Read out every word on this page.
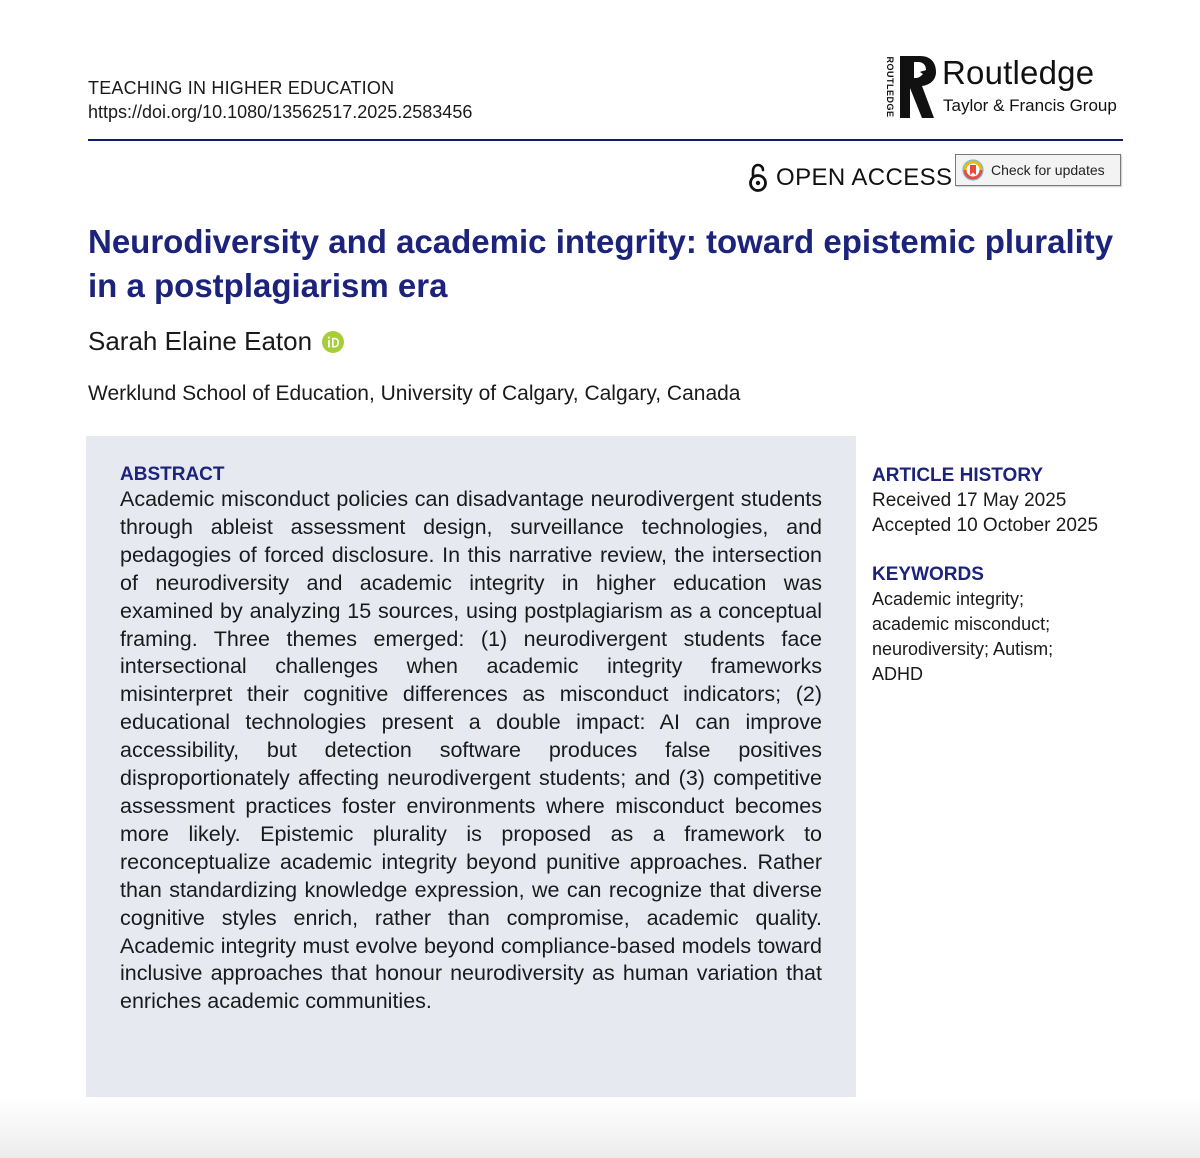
TEACHING IN HIGHER EDUCATION
https://doi.org/10.1080/13562517.2025.2583456	ROUTLEDGE Routledge
Taylor & Francis Group
OPEN ACCESS	Check for updates
Neurodiversity and academic integrity: toward epistemic plurality in a postplagiarism era
Sarah Elaine Eaton
Werklund School of Education, University of Calgary, Calgary, Canada
ABSTRACT

Academic misconduct policies can disadvantage neurodivergent students through ableist assessment design, surveillance technologies, and pedagogies of forced disclosure. In this narrative review, the intersection of neurodiversity and academic integrity in higher education was examined by analyzing 15 sources, using postplagiarism as a conceptual framing. Three themes emerged: (1) neurodivergent students face intersectional challenges when academic integrity frameworks misinterpret their cognitive differences as misconduct indicators; (2) educational technologies present a double impact: AI can improve accessibility, but detection software produces false positives disproportionately affecting neurodivergent students; and (3) competitive assessment practices foster environments where misconduct becomes more likely. Epistemic plurality is proposed as a framework to reconceptualize academic integrity beyond punitive approaches. Rather than standardizing knowledge expression, we can recognize that diverse cognitive styles enrich, rather than compromise, academic quality. Academic integrity must evolve beyond compliance-based models toward inclusive approaches that honour neurodiversity as human variation that enriches academic communities.

ARTICLE HISTORY
Received 17 May 2025
Accepted 10 October 2025
KEYWORDS
Academic integrity; academic misconduct; neurodiversity; Autism; ADHD
